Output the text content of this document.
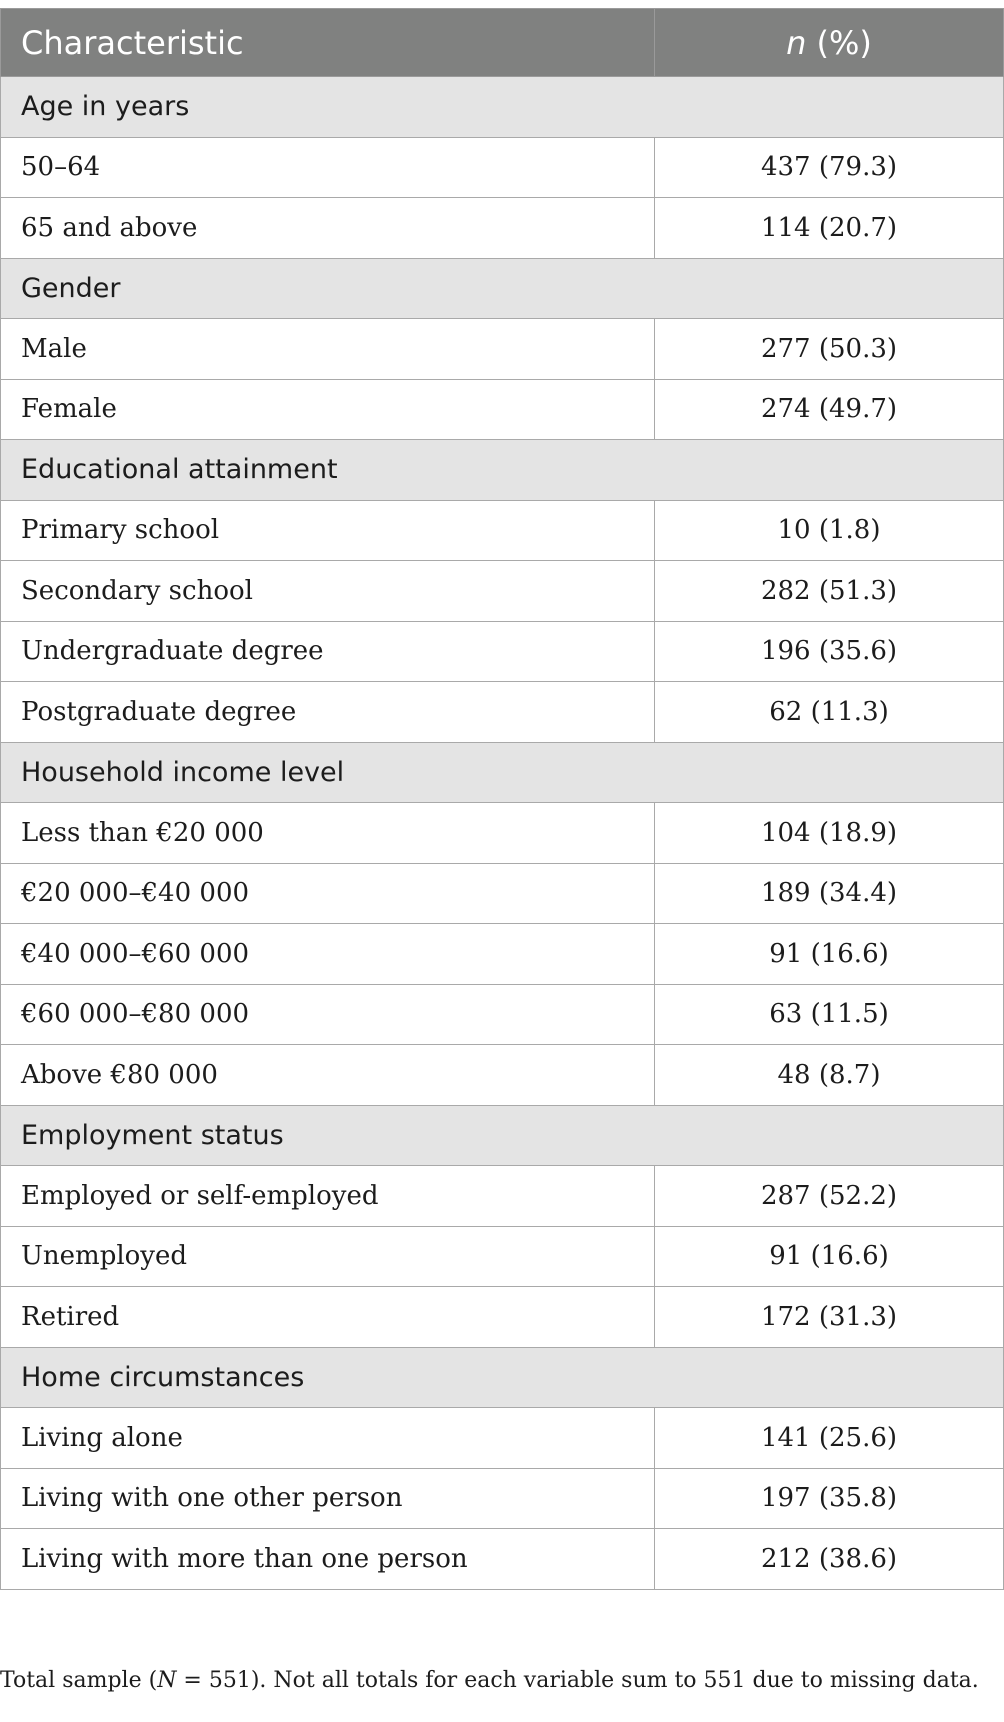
Characteristic	n (%)
Age in years	
50–64	437 (79.3)
65 and above	114 (20.7)
Gender	
Male	277 (50.3)
Female	274 (49.7)
Educational attainment	
Primary school	10 (1.8)
Secondary school	282 (51.3)
Undergraduate degree	196 (35.6)
Postgraduate degree	62 (11.3)
Household income level	
Less than €20 000	104 (18.9)
€20 000–€40 000	189 (34.4)
€40 000–€60 000	91 (16.6)
€60 000–€80 000	63 (11.5)
Above €80 000	48 (8.7)
Employment status	
Employed or self-employed	287 (52.2)
Unemployed	91 (16.6)
Retired	172 (31.3)
Home circumstances	
Living alone	141 (25.6)
Living with one other person	197 (35.8)
Living with more than one person	212 (38.6)
Total sample (N = 551). Not all totals for each variable sum to 551 due to missing data.
